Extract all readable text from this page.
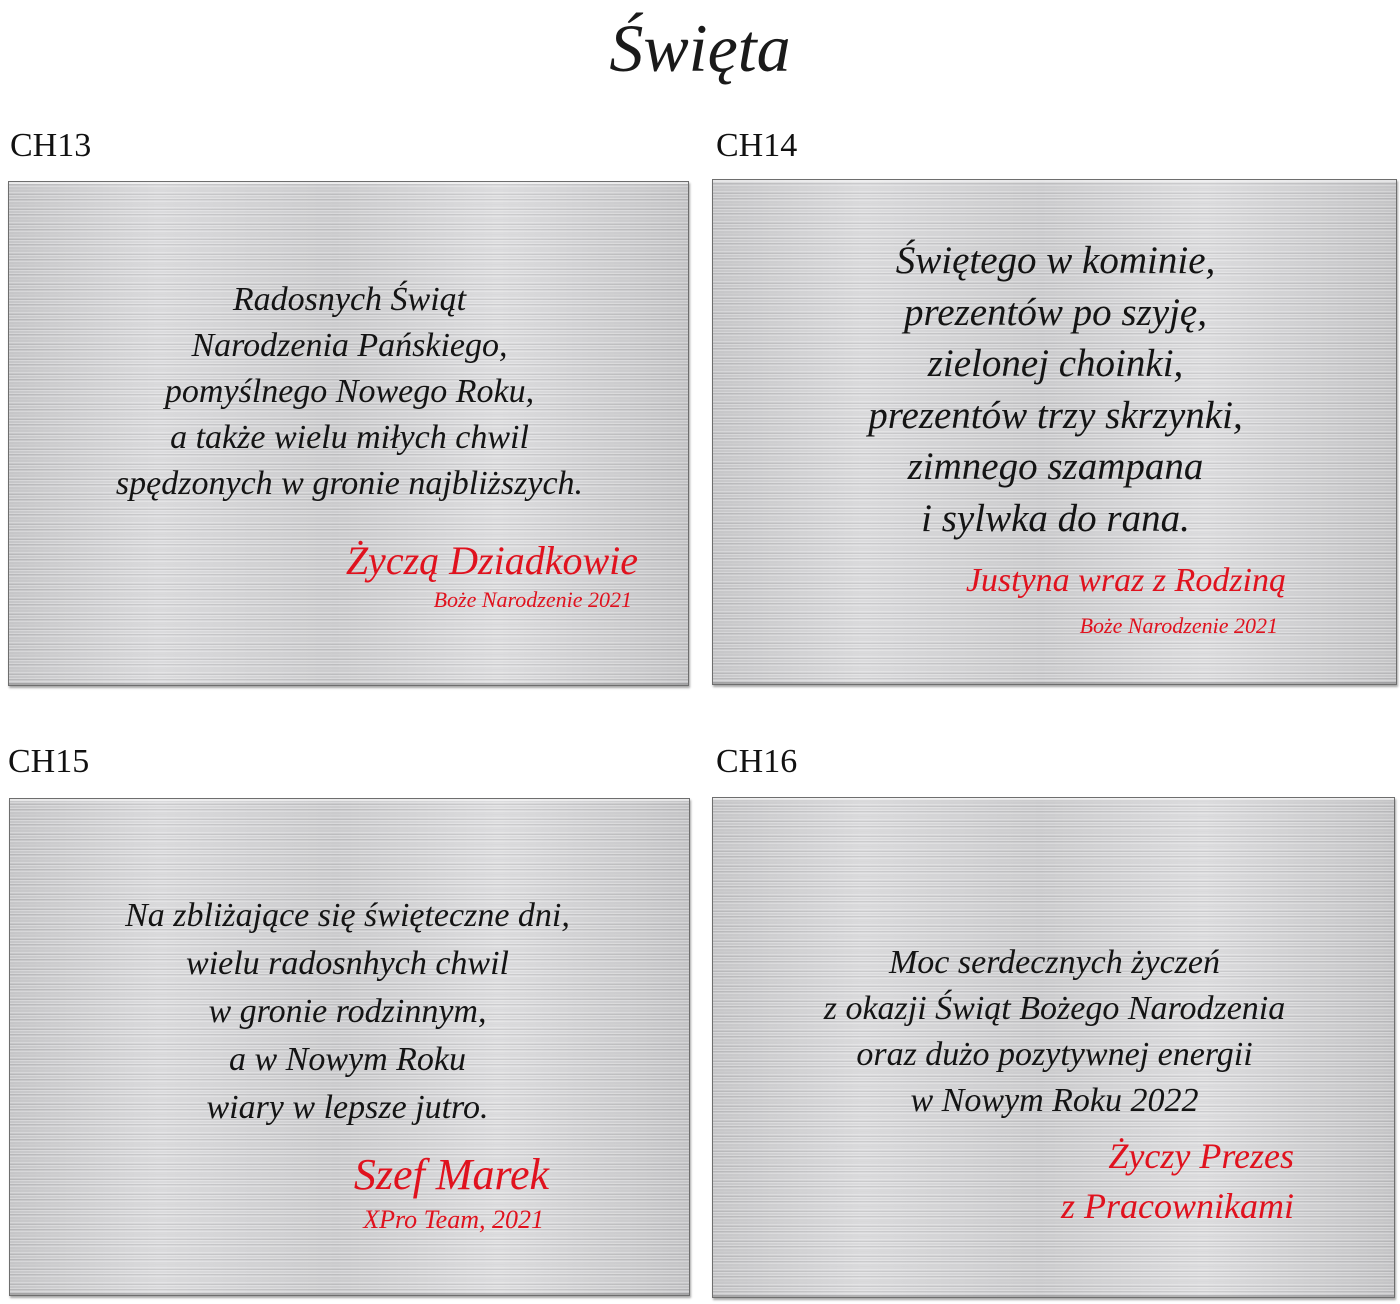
Święta
CH13
Radosnych Świąt
Narodzenia Pańskiego,
pomyślnego Nowego Roku,
a także wielu miłych chwil
spędzonych w gronie najbliższych.
Życzą Dziadkowie
Boże Narodzenie 2021
CH14
Świętego w kominie,
prezentów po szyję,
zielonej choinki,
prezentów trzy skrzynki,
zimnego szampana
i sylwka do rana.
Justyna wraz z Rodziną
Boże Narodzenie 2021
CH15
Na zbliżające się święteczne dni,
wielu radosnhych chwil
w gronie rodzinnym,
a w Nowym Roku
wiary w lepsze jutro.
Szef Marek
XPro Team, 2021
CH16
Moc serdecznych życzeń
z okazji Świąt Bożego Narodzenia
oraz dużo pozytywnej energii
w Nowym Roku 2022
Życzy Prezes
z Pracownikami
